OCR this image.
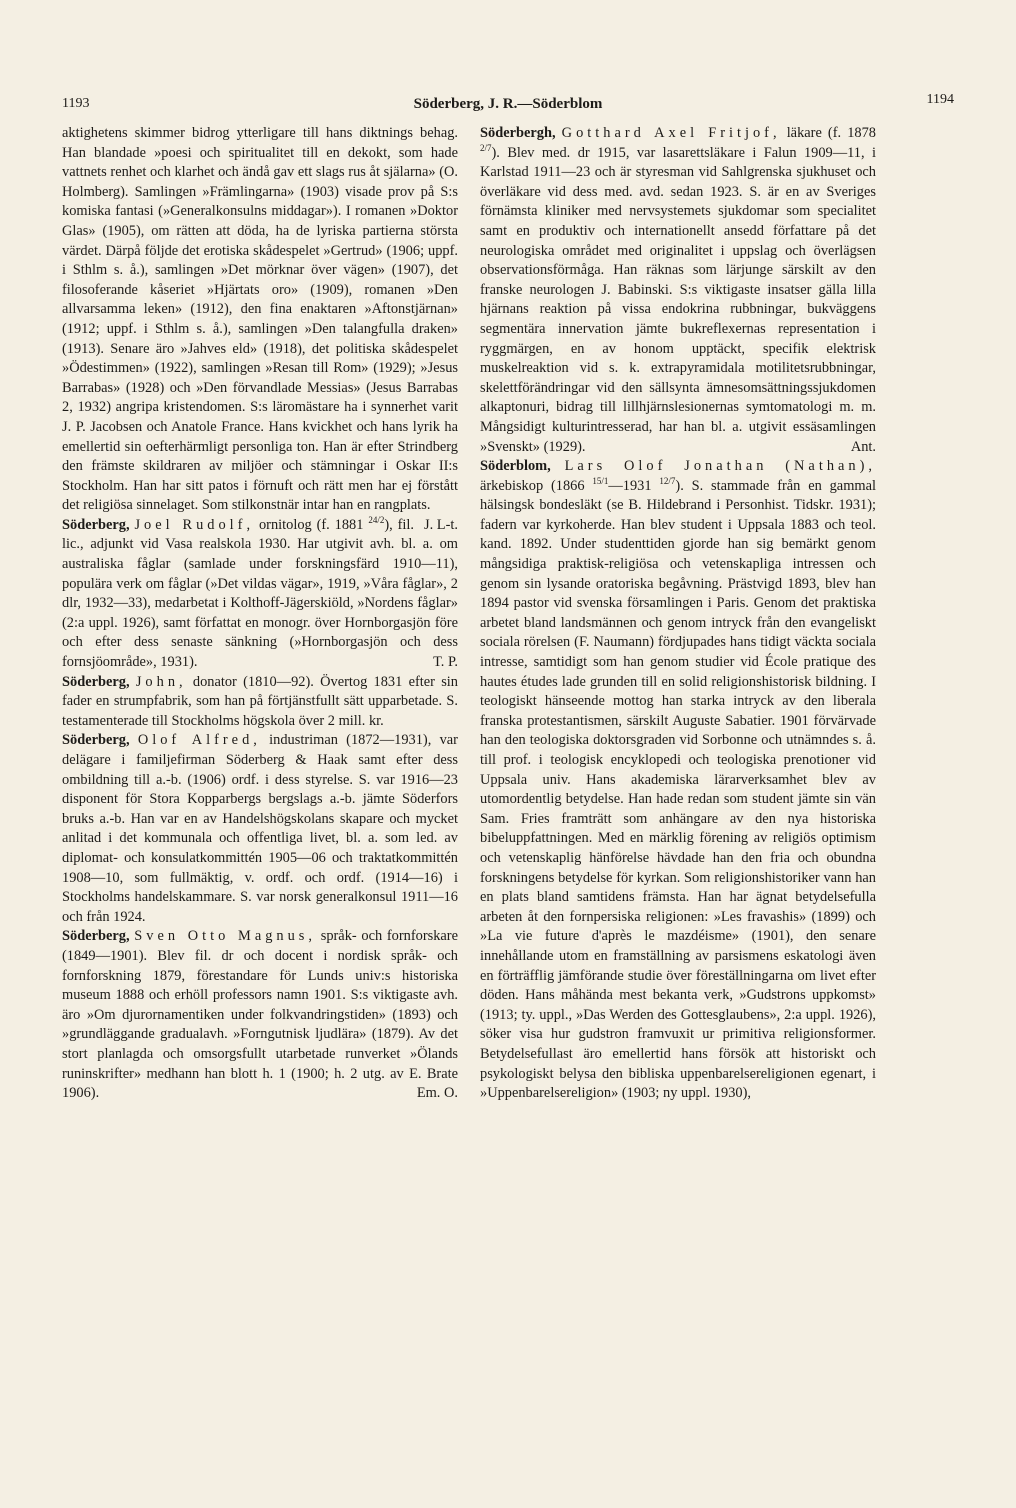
1193	Söderberg, J. R.—Söderblom	1194

aktighetens skimmer bidrog ytterligare till hans diktnings behag. Han blandade »poesi och spiritualitet till en dekokt, som hade vattnets renhet och klarhet och ändå gav ett slags rus åt själarna» (O. Holmberg). Samlingen »Främlingarna» (1903) visade prov på S:s komiska fantasi (»Generalkonsulns middagar»). I romanen »Doktor Glas» (1905), om rätten att döda, ha de lyriska partierna största värdet. Därpå följde det erotiska skådespelet »Gertrud» (1906; uppf. i Sthlm s. å.), samlingen »Det mörknar över vägen» (1907), det filosoferande kåseriet »Hjärtats oro» (1909), romanen »Den allvarsamma leken» (1912), den fina enaktaren »Aftonstjärnan» (1912; uppf. i Sthlm s. å.), samlingen »Den talangfulla draken» (1913). Senare äro »Jahves eld» (1918), det politiska skådespelet »Ödestimmen» (1922), samlingen »Resan till Rom» (1929); »Jesus Barrabas» (1928) och »Den förvandlade Messias» (Jesus Barrabas 2, 1932) angripa kristendomen. S:s läromästare ha i synnerhet varit J. P. Jacobsen och Anatole France. Hans kvickhet och hans lyrik ha emellertid sin oefterhärmligt personliga ton. Han är efter Strindberg den främste skildraren av miljöer och stämningar i Oskar II:s Stockholm. Han har sitt patos i förnuft och rätt men har ej förstått det religiösa sinnelaget. Som stilkonstnär intar han en rangplats.
J. L-t.

Söderberg, Joel Rudolf, ornitolog (f. 1881 $^{24/2}$), fil. lic., adjunkt vid Vasa realskola 1930. Har utgivit avh. bl. a. om australiska fåglar (samlade under forskningsfärd 1910—11), populära verk om fåglar (»Det vildas vägar», 1919, »Våra fåglar», 2 dlr, 1932—33), medarbetat i Kolthoff-Jägerskiöld, »Nordens fåglar» (2:a uppl. 1926), samt författat en monogr. över Hornborgasjön före och efter dess senaste sänkning (»Hornborgasjön och dess fornsjöområde», 1931).	T. P.

Söderberg, John, donator (1810—92). Övertog 1831 efter sin fader en strumpfabrik, som han på förtjänstfullt sätt upparbetade. S. testamenterade till Stockholms högskola över 2 mill. kr.

Söderberg, Olof Alfred, industriman (1872—1931), var delägare i familjefirman Söderberg & Haak samt efter dess ombildning till a.-b. (1906) ordf. i dess styrelse. S. var 1916—23 disponent för Stora Kopparbergs bergslags a.-b. jämte Söderfors bruks a.-b. Han var en av Handelshögskolans skapare och mycket anlitad i det kommunala och offentliga livet, bl. a. som led. av diplomat- och konsulatkommittén 1905—06 och traktatkommittén 1908—10, som fullmäktig, v. ordf. och ordf. (1914—16) i Stockholms handelskammare. S. var norsk generalkonsul 1911—16 och från 1924.

Söderberg, Sven Otto Magnus, språk- och fornforskare (1849—1901). Blev fil. dr och docent i nordisk språk- och fornforskning 1879, förestandare för Lunds univ:s historiska museum 1888 och erhöll professors namn 1901. S:s viktigaste avh. äro »Om djurornamentiken under folkvandringstiden» (1893) och »grundläggande gradualavh. »Forngutnisk ljudlära» (1879). Av det stort planlagda och omsorgsfullt utarbetade runverket »Ölands runinskrifter» medhann han blott h. 1 (1900; h. 2 utg. av E. Brate 1906).	Em. O.

Söderbergh, Gotthard Axel Fritjof, läkare (f. 1878 $^{2/7}$). Blev med. dr 1915, var lasarettsläkare i Falun 1909—11, i Karlstad 1911—23 och är styresman vid Sahlgrenska sjukhuset och överläkare vid dess med. avd. sedan 1923. S. är en av Sveriges förnämsta kliniker med nervsystemets sjukdomar som specialitet samt en produktiv och internationellt ansedd författare på det neurologiska området med originalitet i uppslag och överlägsen observationsförmåga. Han räknas som lärjunge särskilt av den franske neurologen J. Babinski. S:s viktigaste insatser gälla lilla hjärnans reaktion på vissa endokrina rubbningar, bukväggens segmentära innervation jämte bukreflexernas representation i ryggmärgen, en av honom upptäckt, specifik elektrisk muskelreaktion vid s. k. extrapyramidala motilitetsrubbningar, skelettförändringar vid den sällsynta ämnesomsättningssjukdomen alkaptonuri, bidrag till lillhjärnslesionernas symtomatologi m. m. Mångsidigt kulturintresserad, har han bl. a. utgivit essäsamlingen »Svenskt» (1929).	Ant.

Söderblom, Lars Olof Jonathan (Nathan), ärkebiskop (1866 $^{15/1}$—1931 $^{12/7}$). S. stammade från en gammal hälsingsk bondesläkt (se B. Hildebrand i Personhist. Tidskr. 1931); fadern var kyrkoherde. Han blev student i Uppsala 1883 och teol. kand. 1892. Under studenttiden gjorde han sig bemärkt genom mångsidiga praktisk-religiösa och vetenskapliga intressen och genom sin lysande oratoriska begåvning. Prästvigd 1893, blev han 1894 pastor vid svenska församlingen i Paris. Genom det praktiska arbetet bland landsmännen och genom intryck från den evangeliskt sociala rörelsen (F. Naumann) fördjupades hans tidigt väckta sociala intresse, samtidigt som han genom studier vid École pratique des hautes études lade grunden till en solid religionshistorisk bildning. I teologiskt hänseende mottog han starka intryck av den liberala franska protestantismen, särskilt Auguste Sabatier. 1901 förvärvade han den teologiska doktorsgraden vid Sorbonne och utnämndes s. å. till prof. i teologisk encyklopedi och teologiska prenotioner vid Uppsala univ. Hans akademiska lärarverksamhet blev av utomordentlig betydelse. Han hade redan som student jämte sin vän Sam. Fries framträtt som anhängare av den nya historiska bibeluppfattningen. Med en märklig förening av religiös optimism och vetenskaplig hänförelse hävdade han den fria och obundna forskningens betydelse för kyrkan. Som religionshistoriker vann han en plats bland samtidens främsta. Han har ägnat betydelsefulla arbeten åt den fornpersiska religionen: »Les fravashis» (1899) och »La vie future d'après le mazdéisme» (1901), den senare innehållande utom en framställning av parsismens eskatologi även en förträfflig jämförande studie över föreställningarna om livet efter döden. Hans måhända mest bekanta verk, »Gudstrons uppkomst» (1913; ty. uppl., »Das Werden des Gottesglaubens», 2:a uppl. 1926), söker visa hur gudstron framvuxit ur primitiva religionsformer. Betydelsefullast äro emellertid hans försök att historiskt och psykologiskt belysa den bibliska uppenbarelsereligionen egenart, i »Uppenbarelsereligion» (1903; ny uppl. 1930),
